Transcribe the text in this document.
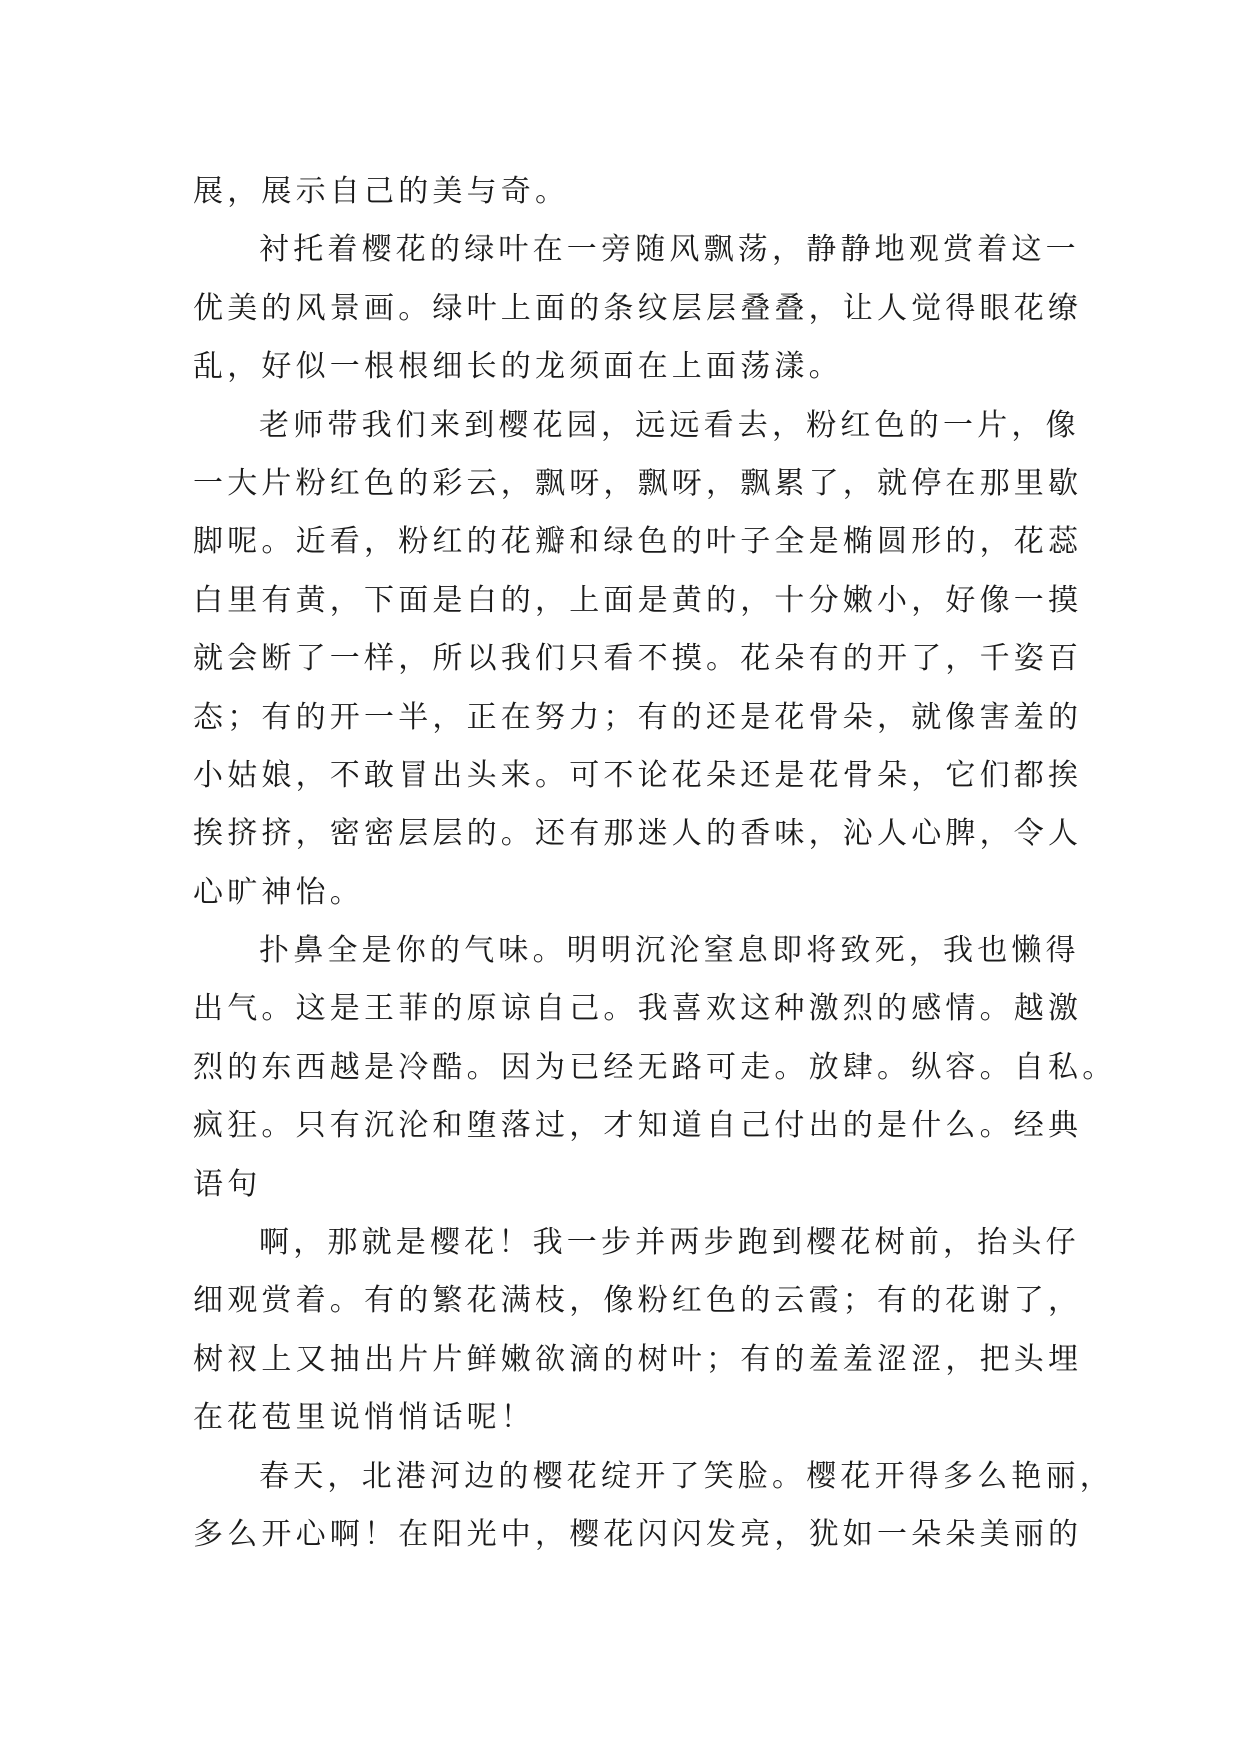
展，展示自己的美与奇。
衬托着樱花的绿叶在一旁随风飘荡，静静地观赏着这一
优美的风景画。绿叶上面的条纹层层叠叠，让人觉得眼花缭
乱，好似一根根细长的龙须面在上面荡漾。
老师带我们来到樱花园，远远看去，粉红色的一片，像
一大片粉红色的彩云，飘呀，飘呀，飘累了，就停在那里歇
脚呢。近看，粉红的花瓣和绿色的叶子全是椭圆形的，花蕊
白里有黄，下面是白的，上面是黄的，十分嫩小，好像一摸
就会断了一样，所以我们只看不摸。花朵有的开了，千姿百
态；有的开一半，正在努力；有的还是花骨朵，就像害羞的
小姑娘，不敢冒出头来。可不论花朵还是花骨朵，它们都挨
挨挤挤，密密层层的。还有那迷人的香味，沁人心脾，令人
心旷神怡。
扑鼻全是你的气味。明明沉沦窒息即将致死，我也懒得
出气。这是王菲的原谅自己。我喜欢这种激烈的感情。越激
烈的东西越是冷酷。因为已经无路可走。放肆。纵容。自私。
疯狂。只有沉沦和堕落过，才知道自己付出的是什么。经典
语句
啊，那就是樱花！我一步并两步跑到樱花树前，抬头仔
细观赏着。有的繁花满枝，像粉红色的云霞；有的花谢了，
树衩上又抽出片片鲜嫩欲滴的树叶；有的羞羞涩涩，把头埋
在花苞里说悄悄话呢！
春天，北港河边的樱花绽开了笑脸。樱花开得多么艳丽，
多么开心啊！在阳光中，樱花闪闪发亮，犹如一朵朵美丽的
